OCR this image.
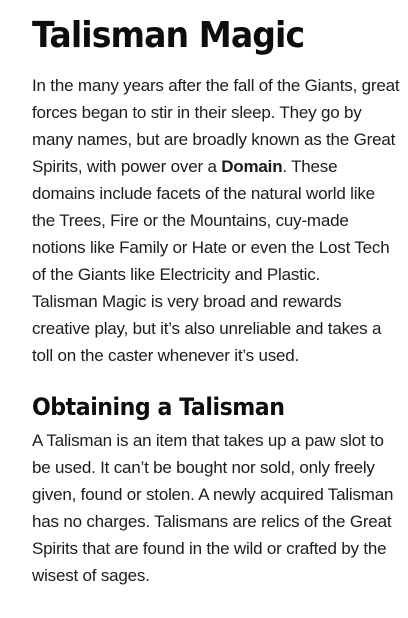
Talisman Magic

In the many years after the fall of the Giants, great forces began to stir in their sleep. They go by many names, but are broadly known as the Great Spirits, with power over a Domain. These domains include facets of the natural world like the Trees, Fire or the Mountains, cuy-made notions like Family or Hate or even the Lost Tech of the Giants like Electricity and Plastic.

Talisman Magic is very broad and rewards creative play, but it’s also unreliable and takes a toll on the caster whenever it’s used.

Obtaining a Talisman

A Talisman is an item that takes up a paw slot to be used. It can’t be bought nor sold, only freely given, found or stolen. A newly acquired Talisman has no charges. Talismans are relics of the Great Spirits that are found in the wild or crafted by the wisest of sages.
